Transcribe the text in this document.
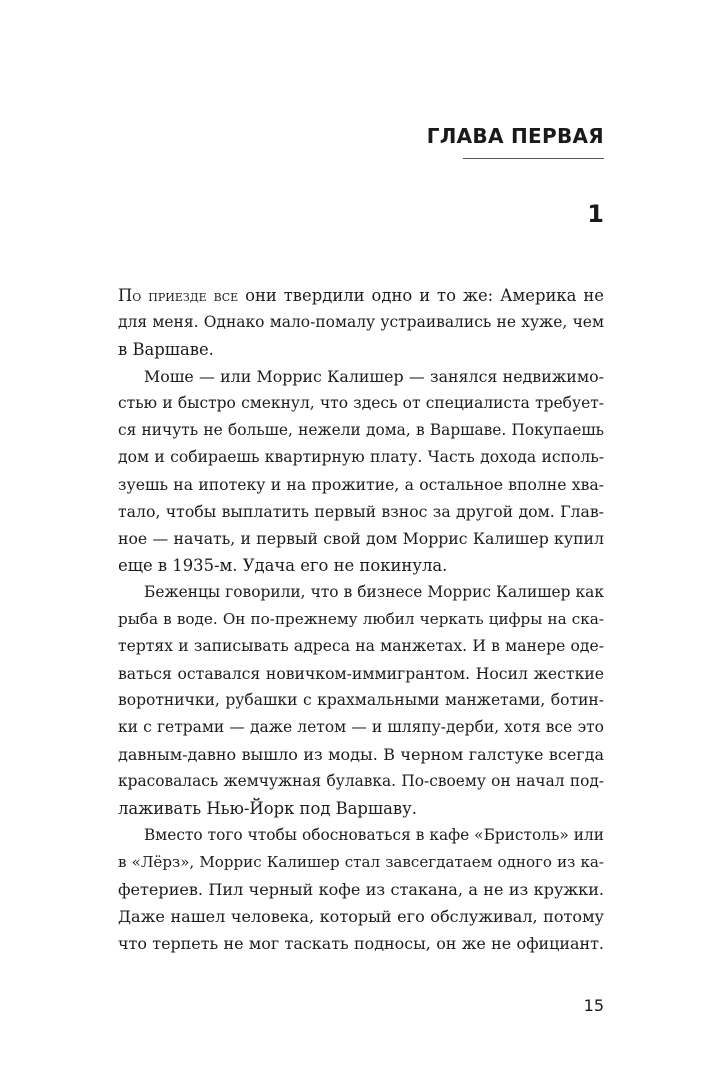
ГЛАВА ПЕРВАЯ
1
По приезде все они твердили одно и то же: Америка не
для меня. Однако мало-помалу устраивались не хуже, чем
в Варшаве.
Моше — или Моррис Калишер — занялся недвижимо-
стью и быстро смекнул, что здесь от специалиста требует-
ся ничуть не больше, нежели дома, в Варшаве. Покупаешь
дом и собираешь квартирную плату. Часть дохода исполь-
зуешь на ипотеку и на прожитие, а остальное вполне хва-
тало, чтобы выплатить первый взнос за другой дом. Глав-
ное — начать, и первый свой дом Моррис Калишер купил
еще в 1935-м. Удача его не покинула.
Беженцы говорили, что в бизнесе Моррис Калишер как
рыба в воде. Он по-прежнему любил черкать цифры на ска-
тертях и записывать адреса на манжетах. И в манере оде-
ваться оставался новичком-иммигрантом. Носил жесткие
воротнички, рубашки с крахмальными манжетами, ботин-
ки с гетрами — даже летом — и шляпу-дерби, хотя все это
давным-давно вышло из моды. В черном галстуке всегда
красовалась жемчужная булавка. По-своему он начал под-
лаживать Нью-Йорк под Варшаву.
Вместо того чтобы обосноваться в кафе «Бристоль» или
в «Лёрз», Моррис Калишер стал завсегдатаем одного из ка-
фетериев. Пил черный кофе из стакана, а не из кружки.
Даже нашел человека, который его обслуживал, потому
что терпеть не мог таскать подносы, он же не официант.
15
